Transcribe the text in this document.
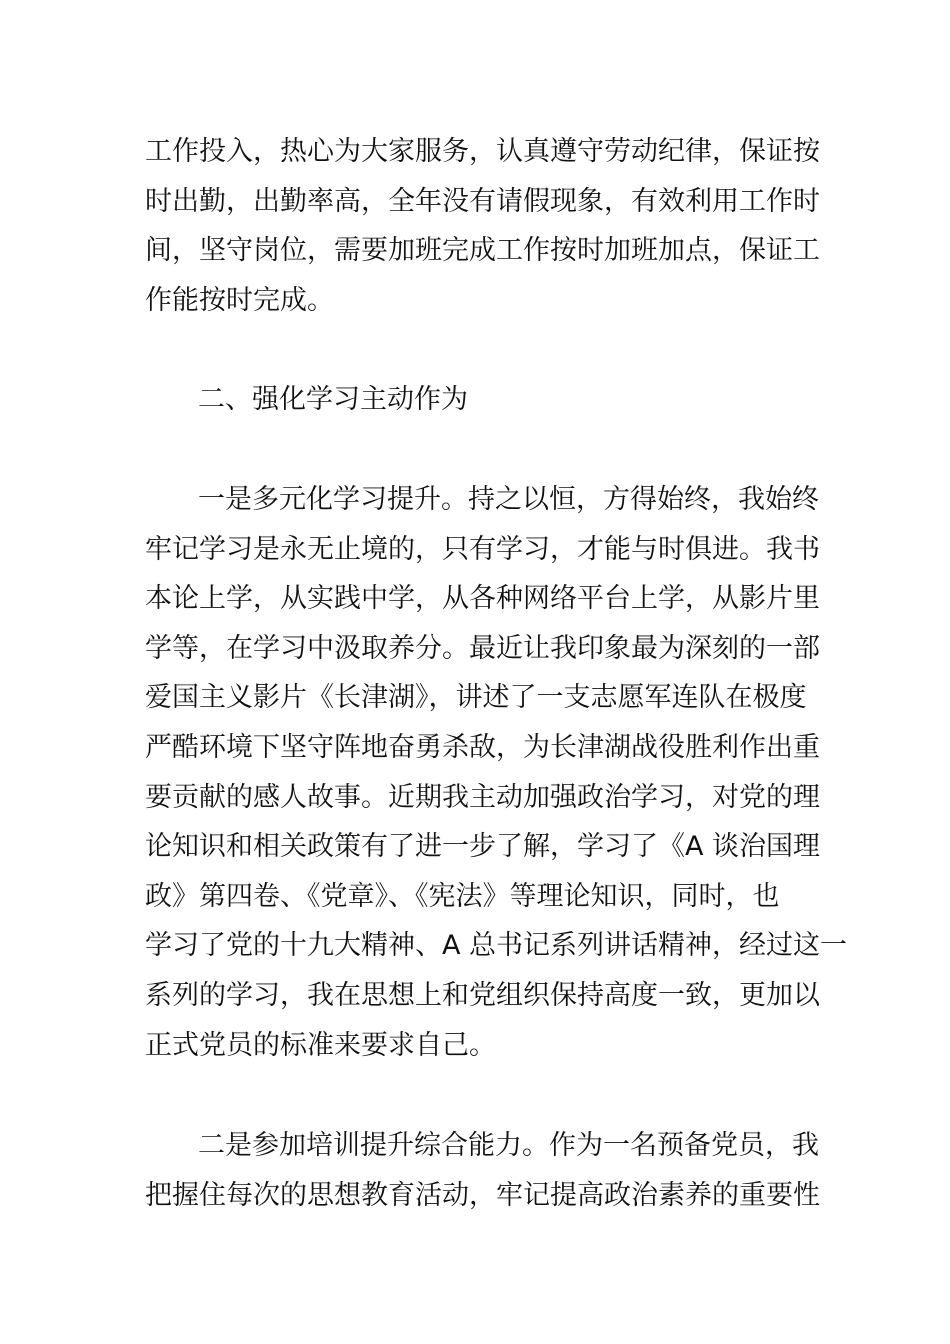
工作投入，热心为大家服务，认真遵守劳动纪律，保证按
时出勤，出勤率高，全年没有请假现象，有效利用工作时
间，坚守岗位，需要加班完成工作按时加班加点，保证工
作能按时完成。

二、强化学习主动作为

一是多元化学习提升。持之以恒，方得始终，我始终
牢记学习是永无止境的，只有学习，才能与时俱进。我书
本论上学，从实践中学，从各种网络平台上学，从影片里
学等，在学习中汲取养分。最近让我印象最为深刻的一部
爱国主义影片《长津湖》，讲述了一支志愿军连队在极度
严酷环境下坚守阵地奋勇杀敌，为长津湖战役胜利作出重
要贡献的感人故事。近期我主动加强政治学习，对党的理
论知识和相关政策有了进一步了解，学习了《A 谈治国理
政》第四卷、《党章》、《宪法》等理论知识，同时，也
学习了党的十九大精神、A 总书记系列讲话精神，经过这一
系列的学习，我在思想上和党组织保持高度一致，更加以
正式党员的标准来要求自己。

二是参加培训提升综合能力。作为一名预备党员，我
把握住每次的思想教育活动，牢记提高政治素养的重要性
